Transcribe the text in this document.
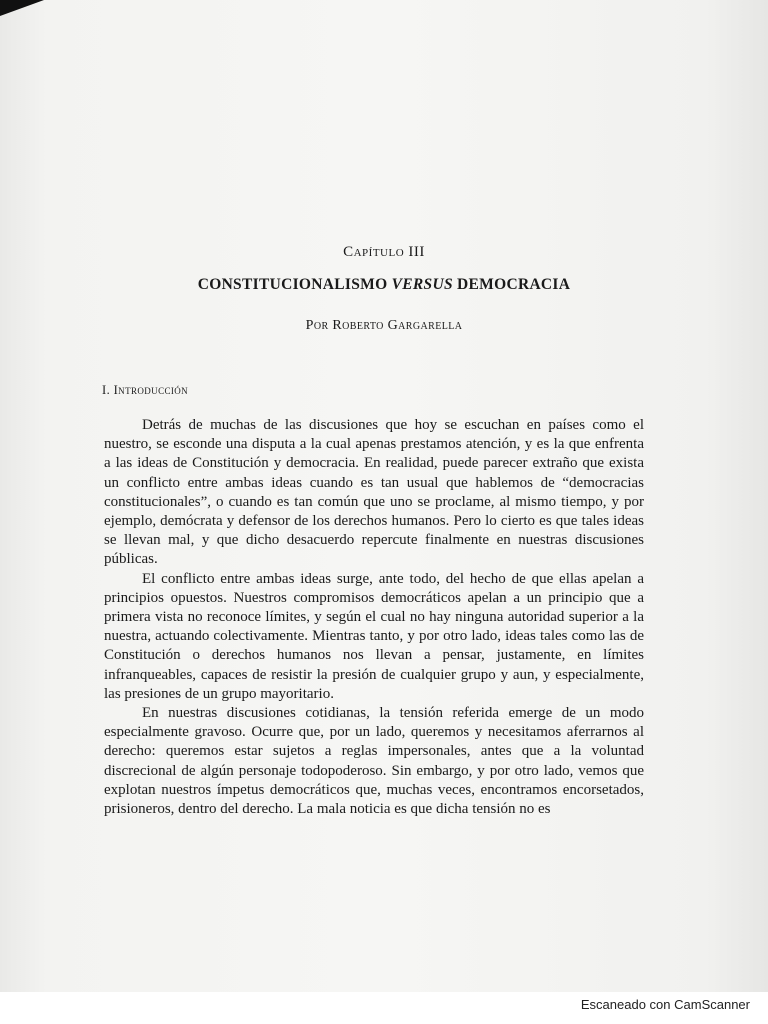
Capítulo III
CONSTITUCIONALISMO VERSUS DEMOCRACIA
Por Roberto Gargarella
I. Introducción

Detrás de muchas de las discusiones que hoy se escuchan en países como el nuestro, se esconde una disputa a la cual apenas prestamos atención, y es la que enfrenta a las ideas de Constitución y democracia. En realidad, puede parecer extraño que exista un conflicto entre ambas ideas cuando es tan usual que hablemos de “democracias constitucionales”, o cuando es tan común que uno se proclame, al mismo tiempo, y por ejemplo, demócrata y defensor de los derechos humanos. Pero lo cierto es que tales ideas se llevan mal, y que dicho desacuerdo repercute finalmente en nuestras discusiones públicas.

El conflicto entre ambas ideas surge, ante todo, del hecho de que ellas apelan a principios opuestos. Nuestros compromisos democráticos apelan a un principio que a primera vista no reconoce límites, y según el cual no hay ninguna autoridad superior a la nuestra, actuando colectivamente. Mientras tanto, y por otro lado, ideas tales como las de Constitución o derechos humanos nos llevan a pensar, justamente, en límites infranqueables, capaces de resistir la presión de cualquier grupo y aun, y especialmente, las presiones de un grupo mayoritario.

En nuestras discusiones cotidianas, la tensión referida emerge de un modo especialmente gravoso. Ocurre que, por un lado, queremos y necesitamos aferrarnos al derecho: queremos estar sujetos a reglas impersonales, antes que a la voluntad discrecional de algún personaje todopoderoso. Sin embargo, y por otro lado, vemos que explotan nuestros ímpetus democráticos que, muchas veces, encontramos encorsetados, prisioneros, dentro del derecho. La mala noticia es que dicha tensión no es

Escaneado con CamScanner
